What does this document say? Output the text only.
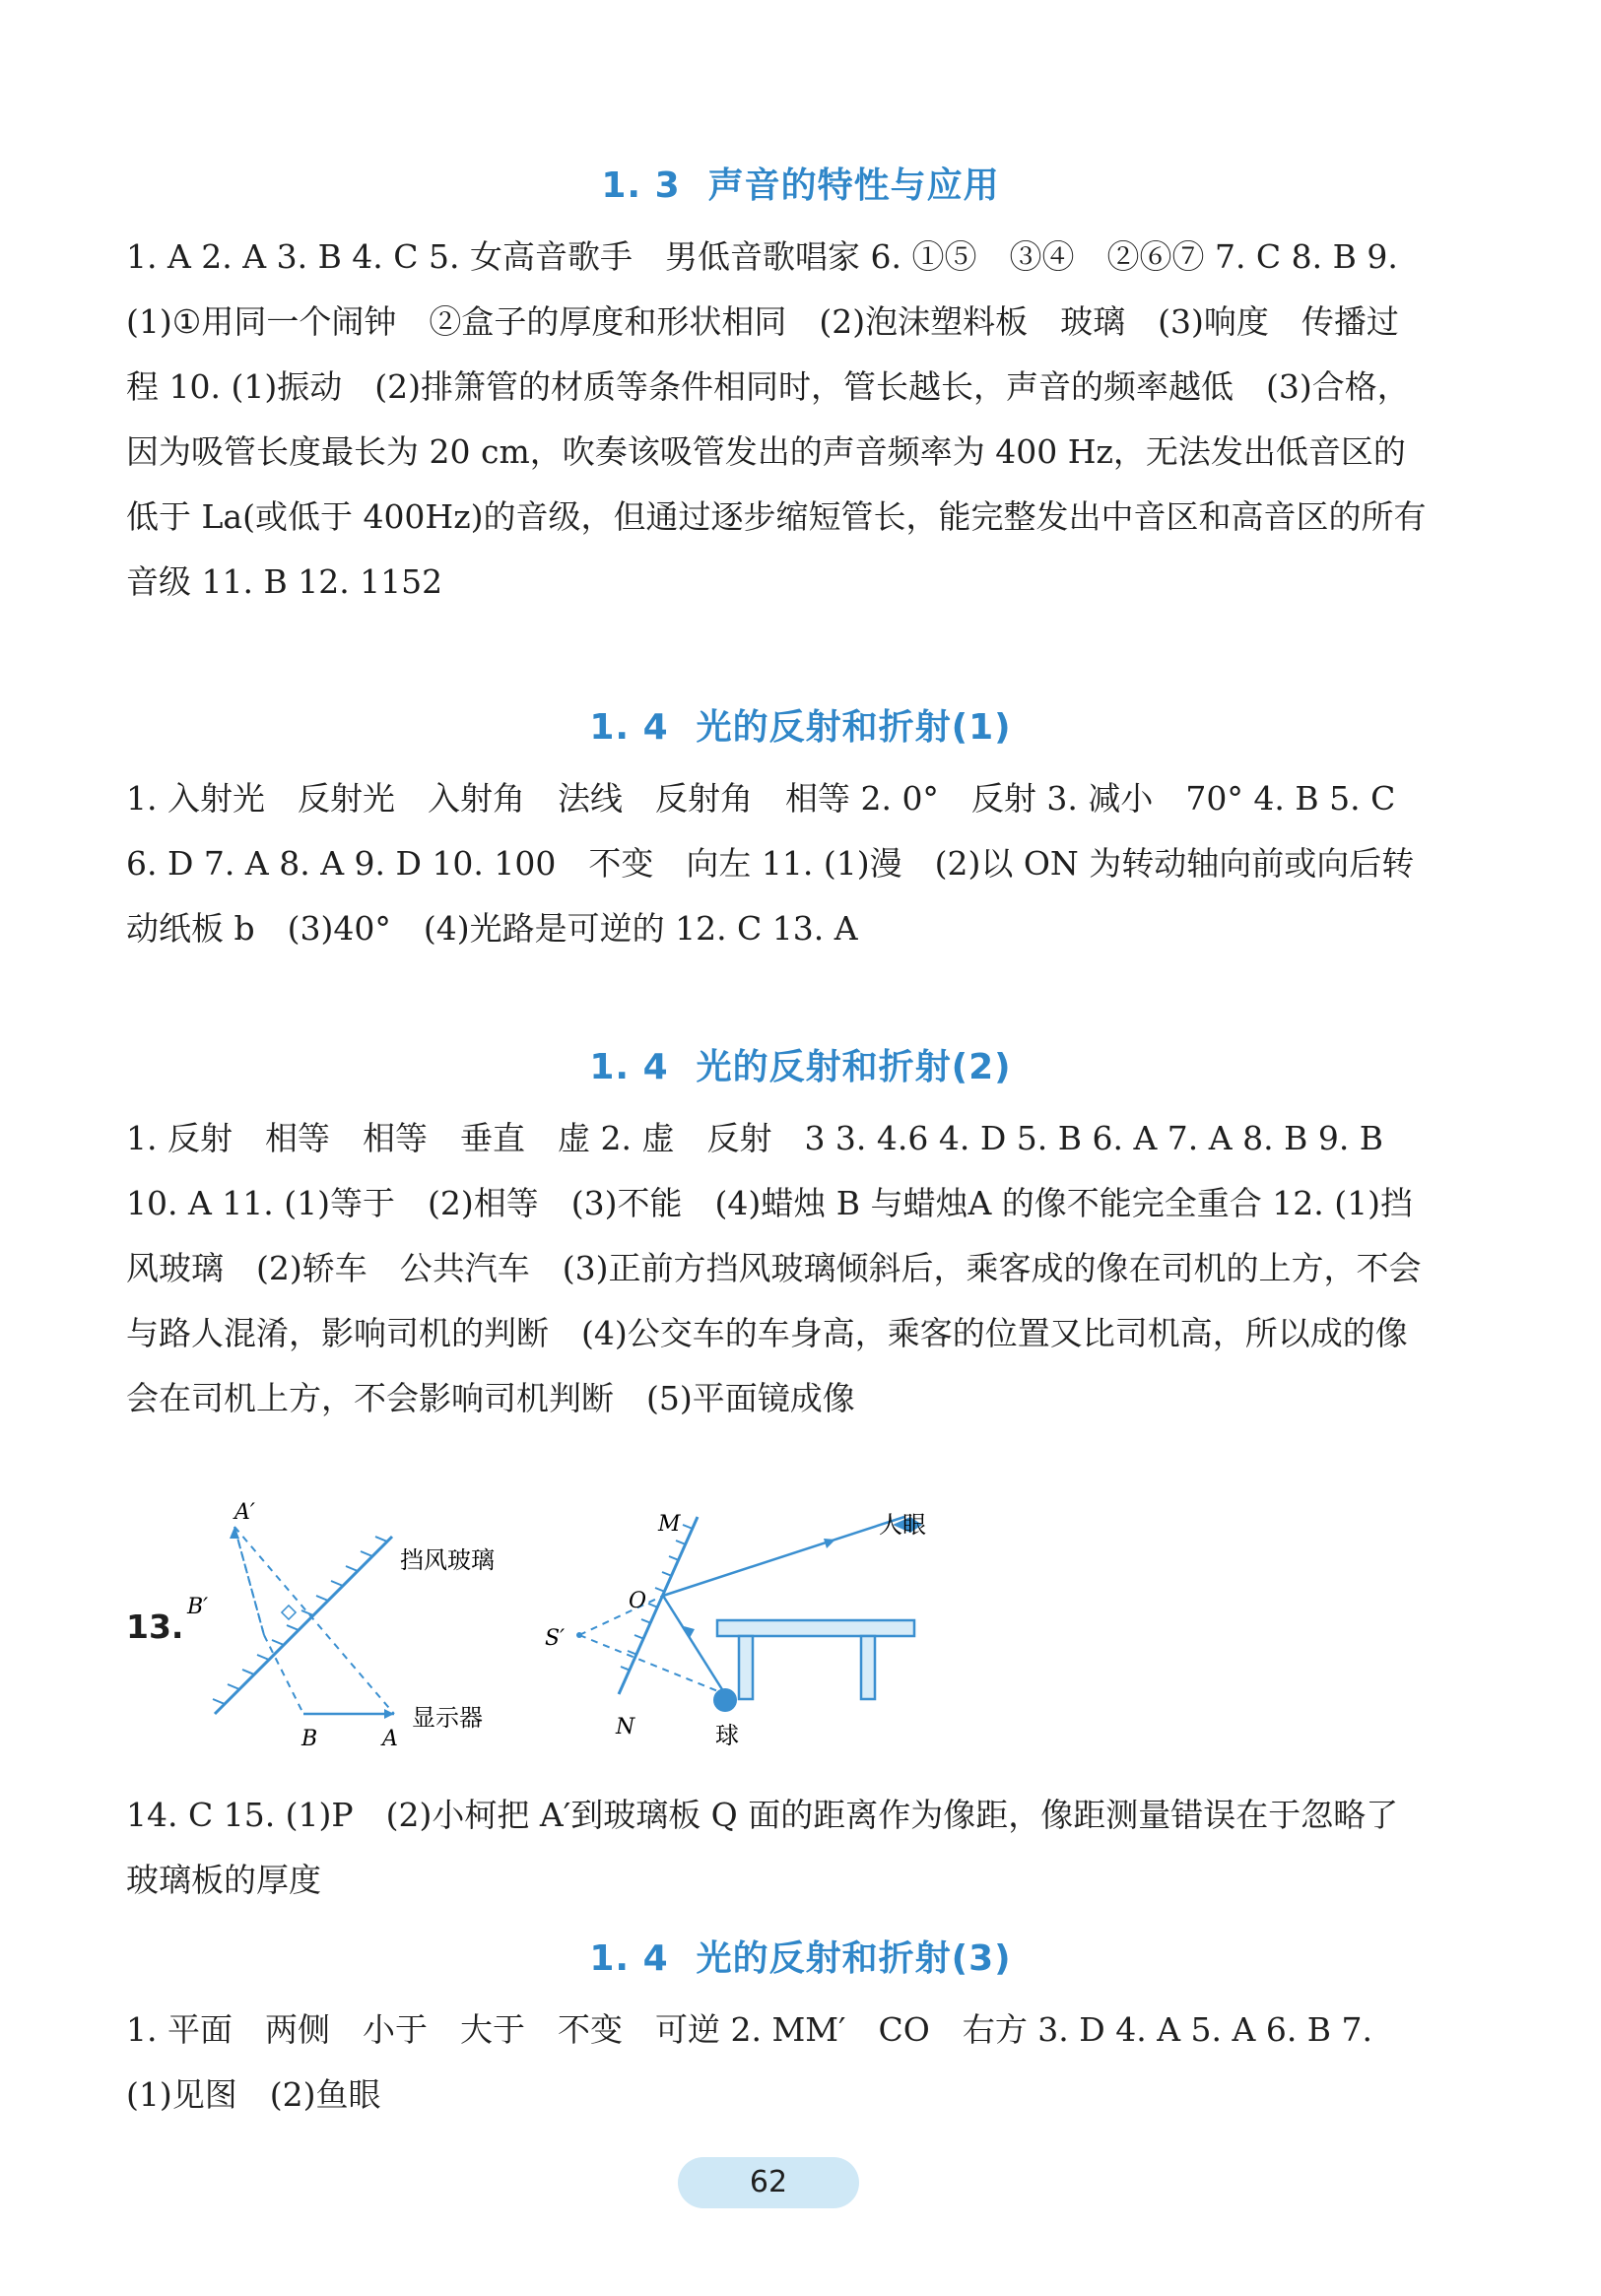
1. 3 声音的特性与应用
1. A 2. A 3. B 4. C 5. 女高音歌手　男低音歌唱家 6. ①⑤　③④　②⑥⑦ 7. C 8. B 9. (1)①用同一个闹钟　②盒子的厚度和形状相同　(2)泡沫塑料板　玻璃　(3)响度　传播过程 10. (1)振动　(2)排箫管的材质等条件相同时，管长越长，声音的频率越低　(3)合格，因为吸管长度最长为 20 cm，吹奏该吸管发出的声音频率为 400 Hz，无法发出低音区的低于 La(或低于 400Hz)的音级，但通过逐步缩短管长，能完整发出中音区和高音区的所有音级 11. B 12. 1152
1. 4 光的反射和折射(1)
1. 入射光　反射光　入射角　法线　反射角　相等 2. 0°　反射 3. 减小　70° 4. B 5. C 6. D 7. A 8. A 9. D 10. 100　不变　向左 11. (1)漫　(2)以 ON 为转动轴向前或向后转动纸板 b　(3)40°　(4)光路是可逆的 12. C 13. A
1. 4 光的反射和折射(2)
1. 反射　相等　相等　垂直　虚 2. 虚　反射　3 3. 4.6 4. D 5. B 6. A 7. A 8. B 9. B 10. A 11. (1)等于　(2)相等　(3)不能　(4)蜡烛 B 与蜡烛A 的像不能完全重合 12. (1)挡风玻璃　(2)轿车　公共汽车　(3)正前方挡风玻璃倾斜后，乘客成的像在司机的上方，不会与路人混淆，影响司机的判断　(4)公交车的车身高，乘客的位置又比司机高，所以成的像会在司机上方，不会影响司机判断　(5)平面镜成像
13.
A′
B′
挡风玻璃
B	A
显示器
M
O
S′
N
人眼
球
14. C 15. (1)P　(2)小柯把 A′到玻璃板 Q 面的距离作为像距，像距测量错误在于忽略了玻璃板的厚度
1. 4 光的反射和折射(3)
1. 平面　两侧　小于　大于　不变　可逆 2. MM′　CO　右方 3. D 4. A 5. A 6. B 7. (1)见图　(2)鱼眼
62
